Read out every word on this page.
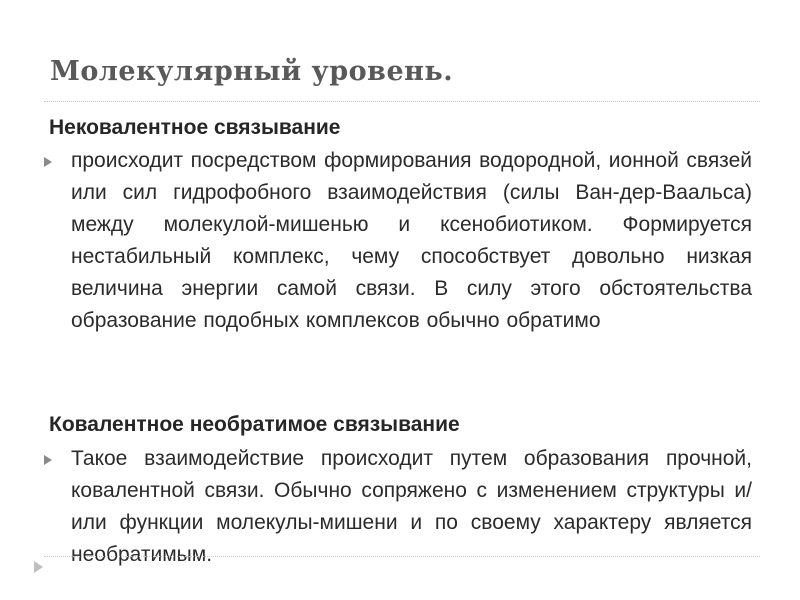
Молекулярный уровень.
Нековалентное связывание
происходит посредством формирования водородной, ионной связей или сил гидрофобного взаимодействия (силы Ван-дер-Ваальса) между молекулой-мишенью и ксенобиотиком. Формируется нестабильный комплекс, чему способствует довольно низкая величина энергии самой связи. В силу этого обстоятельства образование подобных комплексов обычно обратимо
Ковалентное необратимое связывание
Такое взаимодействие происходит путем образования прочной, ковалентной связи. Обычно сопряжено с изменением структуры и/или функции молекулы-мишени и по своему характеру является необратимым.
